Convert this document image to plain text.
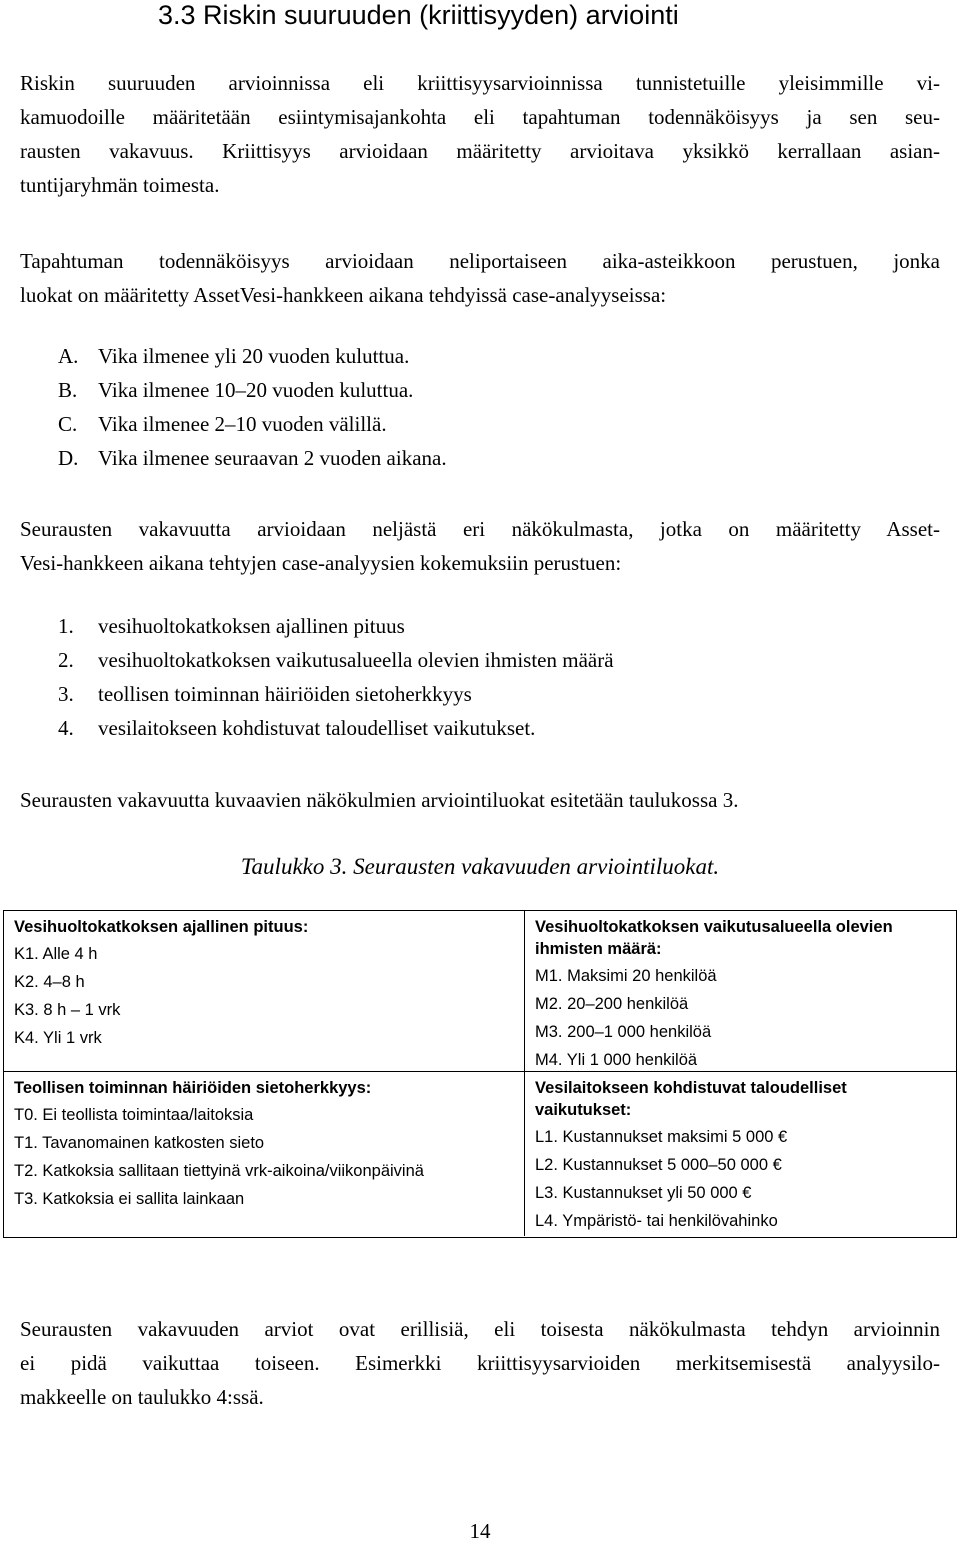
3.3 Riskin suuruuden (kriittisyyden) arviointi
Riskin suuruuden arvioinnissa eli kriittisyysarvioinnissa tunnistetuille yleisimmille vi-
kamuodoille määritetään esiintymisajankohta eli tapahtuman todennäköisyys ja sen seu-
rausten vakavuus. Kriittisyys arvioidaan määritetty arvioitava yksikkö kerrallaan asian-
tuntijaryhmän toimesta.
Tapahtuman todennäköisyys arvioidaan neliportaiseen aika-asteikkoon perustuen, jonka
luokat on määritetty AssetVesi-hankkeen aikana tehdyissä case-analyyseissa:
A. Vika ilmenee yli 20 vuoden kuluttua.
B. Vika ilmenee 10–20 vuoden kuluttua.
C. Vika ilmenee 2–10 vuoden välillä.
D. Vika ilmenee seuraavan 2 vuoden aikana.
Seurausten vakavuutta arvioidaan neljästä eri näkökulmasta, jotka on määritetty Asset-
Vesi-hankkeen aikana tehtyjen case-analyysien kokemuksiin perustuen:
1. vesihuoltokatkoksen ajallinen pituus
2. vesihuoltokatkoksen vaikutusalueella olevien ihmisten määrä
3. teollisen toiminnan häiriöiden sietoherkkyys
4. vesilaitokseen kohdistuvat taloudelliset vaikutukset.
Seurausten vakavuutta kuvaavien näkökulmien arviointiluokat esitetään taulukossa 3.
Taulukko 3. Seurausten vakavuuden arviointiluokat.
Vesihuoltokatkoksen ajallinen pituus:
K1. Alle 4 h
K2. 4–8 h
K3. 8 h – 1 vrk
K4. Yli 1 vrk
Vesihuoltokatkoksen vaikutusalueella olevien ihmisten määrä:
M1. Maksimi 20 henkilöä
M2. 20–200 henkilöä
M3. 200–1 000 henkilöä
M4. Yli 1 000 henkilöä
Teollisen toiminnan häiriöiden sietoherkkyys:
T0. Ei teollista toimintaa/laitoksia
T1. Tavanomainen katkosten sieto
T2. Katkoksia sallitaan tiettyinä vrk-aikoina/viikonpäivinä
T3. Katkoksia ei sallita lainkaan
Vesilaitokseen kohdistuvat taloudelliset vaikutukset:
L1. Kustannukset maksimi 5 000 €
L2. Kustannukset 5 000–50 000 €
L3. Kustannukset yli 50 000 €
L4. Ympäristö- tai henkilövahinko
Seurausten vakavuuden arviot ovat erillisiä, eli toisesta näkökulmasta tehdyn arvioinnin
ei pidä vaikuttaa toiseen. Esimerkki kriittisyysarvioiden merkitsemisestä analyysilo-
makkeelle on taulukko 4:ssä.
14
